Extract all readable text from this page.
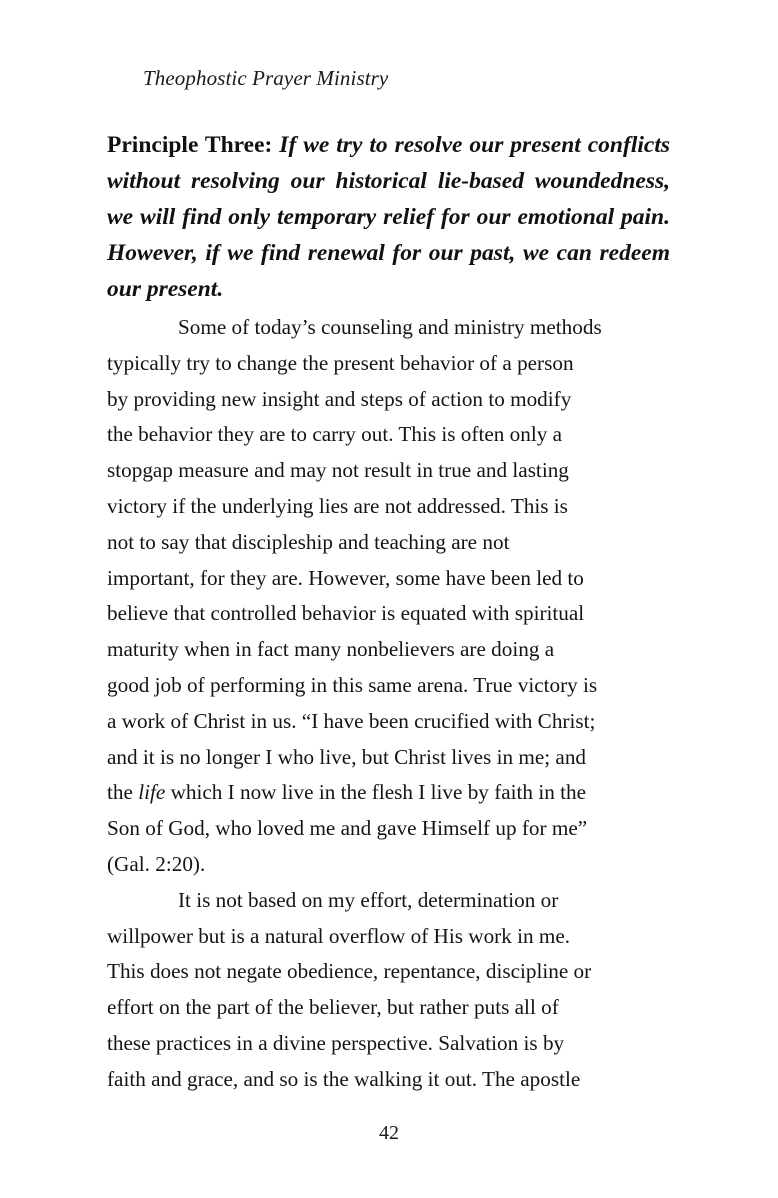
Theophostic Prayer Ministry
Principle Three: If we try to resolve our present conflicts without resolving our historical lie-based woundedness, we will find only temporary relief for our emotional pain. However, if we find renewal for our past, we can redeem our present.
Some of today’s counseling and ministry methods
typically try to change the present behavior of a person
by providing new insight and steps of action to modify
the behavior they are to carry out. This is often only a
stopgap measure and may not result in true and lasting
victory if the underlying lies are not addressed. This is
not to say that discipleship and teaching are not
important, for they are. However, some have been led to
believe that controlled behavior is equated with spiritual
maturity when in fact many nonbelievers are doing a
good job of performing in this same arena. True victory is
a work of Christ in us. “I have been crucified with Christ;
and it is no longer I who live, but Christ lives in me; and
the life which I now live in the flesh I live by faith in the
Son of God, who loved me and gave Himself up for me”
(Gal. 2:20).
It is not based on my effort, determination or
willpower but is a natural overflow of His work in me.
This does not negate obedience, repentance, discipline or
effort on the part of the believer, but rather puts all of
these practices in a divine perspective. Salvation is by
faith and grace, and so is the walking it out. The apostle
42
